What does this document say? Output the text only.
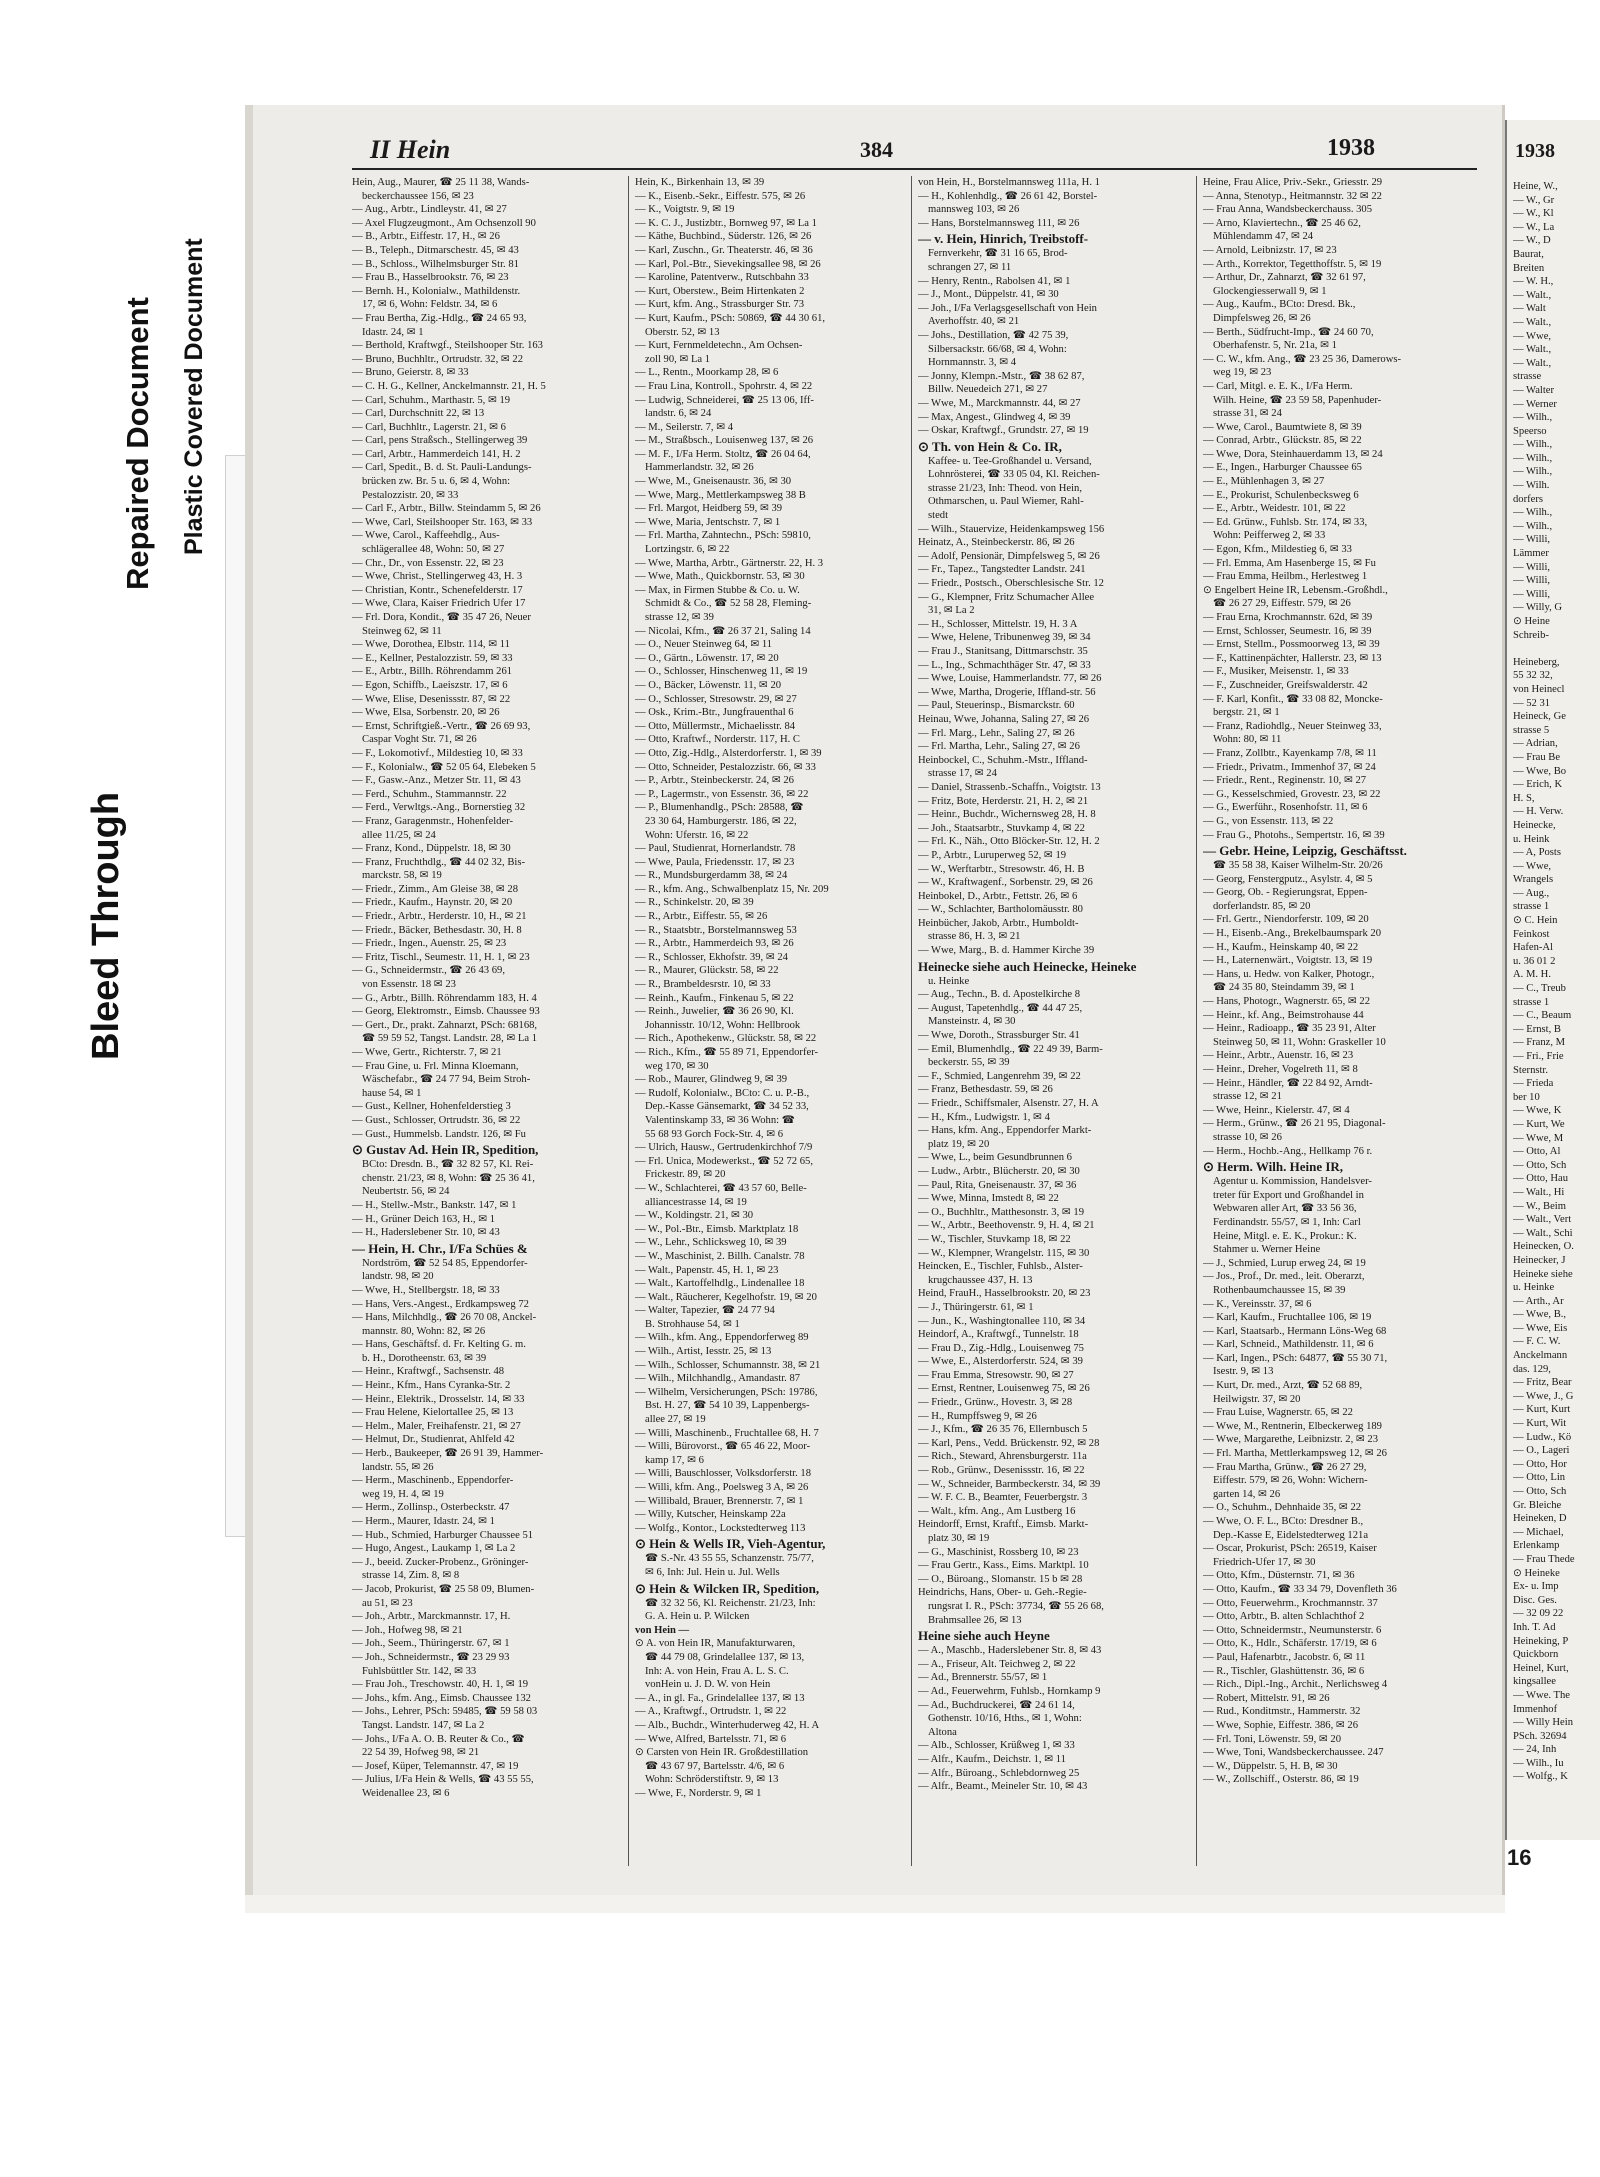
Bleed Through
Repaired Document Plastic Covered Document
II Hein	384	1938

Hein, Aug., Maurer, ☎ 25 11 38, Wands-

beckerchaussee 156, ✉ 23

— Aug., Arbtr., Lindleystr. 41, ✉ 27

— Axel Flugzeugmont., Am Ochsenzoll 90

— B., Arbtr., Eiffestr. 17, H., ✉ 26

— B., Teleph., Ditmarschestr. 45, ✉ 43

— B., Schloss., Wilhelmsburger Str. 81

— Frau B., Hasselbrookstr. 76, ✉ 23

— Bernh. H., Kolonialw., Mathildenstr.

17, ✉ 6, Wohn: Feldstr. 34, ✉ 6

— Frau Bertha, Zig.-Hdlg., ☎ 24 65 93,

Idastr. 24, ✉ 1

— Berthold, Kraftwgf., Steilshooper Str. 163

— Bruno, Buchhltr., Ortrudstr. 32, ✉ 22

— Bruno, Geierstr. 8, ✉ 33

— C. H. G., Kellner, Anckelmannstr. 21, H. 5

— Carl, Schuhm., Marthastr. 5, ✉ 19

— Carl, Durchschnitt 22, ✉ 13

— Carl, Buchhltr., Lagerstr. 21, ✉ 6

— Carl, pens Straßsch., Stellingerweg 39

— Carl, Arbtr., Hammerdeich 141, H. 2

— Carl, Spedit., B. d. St. Pauli-Landungs-

brücken zw. Br. 5 u. 6, ✉ 4, Wohn:

Pestalozzistr. 20, ✉ 33

— Carl F., Arbtr., Billw. Steindamm 5, ✉ 26

— Wwe, Carl, Steilshooper Str. 163, ✉ 33

— Wwe, Carol., Kaffeehdlg., Aus-

schlägerallee 48, Wohn: 50, ✉ 27

— Chr., Dr., von Essenstr. 22, ✉ 23

— Wwe, Christ., Stellingerweg 43, H. 3

— Christian, Kontr., Schenefelderstr. 17

— Wwe, Clara, Kaiser Friedrich Ufer 17

— Frl. Dora, Kondit., ☎ 35 47 26, Neuer

Steinweg 62, ✉ 11

— Wwe, Dorothea, Elbstr. 114, ✉ 11

— E., Kellner, Pestalozzistr. 59, ✉ 33

— E., Arbtr., Billh. Röhrendamm 261

— Egon, Schiffb., Laeiszstr. 17, ✉ 6

— Wwe, Elise, Desenissstr. 87, ✉ 22

— Wwe, Elsa, Sorbenstr. 20, ✉ 26

— Ernst, Schriftgieß.-Vertr., ☎ 26 69 93,

Caspar Voght Str. 71, ✉ 26

— F., Lokomotivf., Mildestieg 10, ✉ 33

— F., Kolonialw., ☎ 52 05 64, Elebeken 5

— F., Gasw.-Anz., Metzer Str. 11, ✉ 43

— Ferd., Schuhm., Stammannstr. 22

— Ferd., Verwltgs.-Ang., Bornerstieg 32

— Franz, Garagenmstr., Hohenfelder-

allee 11/25, ✉ 24

— Franz, Kond., Düppelstr. 18, ✉ 30

— Franz, Fruchthdlg., ☎ 44 02 32, Bis-

marckstr. 58, ✉ 19

— Friedr., Zimm., Am Gleise 38, ✉ 28

— Friedr., Kaufm., Haynstr. 20, ✉ 20

— Friedr., Arbtr., Herderstr. 10, H., ✉ 21

— Friedr., Bäcker, Bethesdastr. 30, H. 8

— Friedr., Ingen., Auenstr. 25, ✉ 23

— Fritz, Tischl., Seumestr. 11, H. 1, ✉ 23

— G., Schneidermstr., ☎ 26 43 69,

von Essenstr. 18 ✉ 23

— G., Arbtr., Billh. Röhrendamm 183, H. 4

— Georg, Elektromstr., Eimsb. Chaussee 93

— Gert., Dr., prakt. Zahnarzt, PSch: 68168,

☎ 59 59 52, Tangst. Landstr. 28, ✉ La 1

— Wwe, Gertr., Richterstr. 7, ✉ 21

— Frau Gine, u. Frl. Minna Kloemann,

Wäschefabr., ☎ 24 77 94, Beim Stroh-

hause 54, ✉ 1

— Gust., Kellner, Hohenfelderstieg 3

— Gust., Schlosser, Ortrudstr. 36, ✉ 22

— Gust., Hummelsb. Landstr. 126, ✉ Fu

⊙ Gustav Ad. Hein IR, Spedition,

BCto: Dresdn. B., ☎ 32 82 57, Kl. Rei-

chenstr. 21/23, ✉ 8, Wohn: ☎ 25 36 41,

Neubertstr. 56, ✉ 24

— H., Stellw.-Mstr., Bankstr. 147, ✉ 1

— H., Grüner Deich 163, H., ✉ 1

— H., Haderslebener Str. 10, ✉ 43

— Hein, H. Chr., I/Fa Schües &

Nordström, ☎ 52 54 85, Eppendorfer-

landstr. 98, ✉ 20

— Wwe, H., Stellbergstr. 18, ✉ 33

— Hans, Vers.-Angest., Erdkampsweg 72

— Hans, Milchhdlg., ☎ 26 70 08, Anckel-

mannstr. 80, Wohn: 82, ✉ 26

— Hans, Geschäftsf. d. Fr. Kelting G. m.

b. H., Dorotheenstr. 63, ✉ 39

— Heinr., Kraftwgf., Sachsenstr. 48

— Heinr., Kfm., Hans Cyranka-Str. 2

— Heinr., Elektrik., Drosselstr. 14, ✉ 33

— Frau Helene, Kielortallee 25, ✉ 13

— Helm., Maler, Freihafenstr. 21, ✉ 27

— Helmut, Dr., Studienrat, Ahlfeld 42

— Herb., Baukeeper, ☎ 26 91 39, Hammer-

landstr. 55, ✉ 26

— Herm., Maschinenb., Eppendorfer-

weg 19, H. 4, ✉ 19

— Herm., Zollinsp., Osterbeckstr. 47

— Herm., Maurer, Idastr. 24, ✉ 1

— Hub., Schmied, Harburger Chaussee 51

— Hugo, Angest., Laukamp 1, ✉ La 2

— J., beeid. Zucker-Probenz., Gröninger-

strasse 14, Zim. 8, ✉ 8

— Jacob, Prokurist, ☎ 25 58 09, Blumen-

au 51, ✉ 23

— Joh., Arbtr., Marckmannstr. 17, H.

— Joh., Hofweg 98, ✉ 21

— Joh., Seem., Thüringerstr. 67, ✉ 1

— Joh., Schneidermstr., ☎ 23 29 93

Fuhlsbüttler Str. 142, ✉ 33

— Frau Joh., Treschowstr. 40, H. 1, ✉ 19

— Johs., kfm. Ang., Eimsb. Chaussee 132

— Johs., Lehrer, PSch: 59485, ☎ 59 58 03

Tangst. Landstr. 147, ✉ La 2

— Johs., I/Fa A. O. B. Reuter & Co., ☎

22 54 39, Hofweg 98, ✉ 21

— Josef, Küper, Telemannstr. 47, ✉ 19

— Julius, I/Fa Hein & Wells, ☎ 43 55 55,

Weidenallee 23, ✉ 6

Hein, K., Birkenhain 13, ✉ 39

— K., Eisenb.-Sekr., Eiffestr. 575, ✉ 26

— K., Voigtstr. 9, ✉ 19

— K. C. J., Justizbtr., Bornweg 97, ✉ La 1

— Käthe, Buchbind., Süderstr. 126, ✉ 26

— Karl, Zuschn., Gr. Theaterstr. 46, ✉ 36

— Karl, Pol.-Btr., Sievekingsallee 98, ✉ 26

— Karoline, Patentverw., Rutschbahn 33

— Kurt, Oberstew., Beim Hirtenkaten 2

— Kurt, kfm. Ang., Strassburger Str. 73

— Kurt, Kaufm., PSch: 50869, ☎ 44 30 61,

Oberstr. 52, ✉ 13

— Kurt, Fernmeldetechn., Am Ochsen-

zoll 90, ✉ La 1

— L., Rentn., Moorkamp 28, ✉ 6

— Frau Lina, Kontroll., Spohrstr. 4, ✉ 22

— Ludwig, Schneiderei, ☎ 25 13 06, Iff-

landstr. 6, ✉ 24

— M., Seilerstr. 7, ✉ 4

— M., Straßbsch., Louisenweg 137, ✉ 26

— M. F., I/Fa Herm. Stoltz, ☎ 26 04 64,

Hammerlandstr. 32, ✉ 26

— Wwe, M., Gneisenaustr. 36, ✉ 30

— Wwe, Marg., Mettlerkampsweg 38 B

— Frl. Margot, Heidberg 59, ✉ 39

— Wwe, Maria, Jentschstr. 7, ✉ 1

— Frl. Martha, Zahntechn., PSch: 59810,

Lortzingstr. 6, ✉ 22

— Wwe, Martha, Arbtr., Gärtnerstr. 22, H. 3

— Wwe, Math., Quickbornstr. 53, ✉ 30

— Max, in Firmen Stubbe & Co. u. W.

Schmidt & Co., ☎ 52 58 28, Fleming-

strasse 12, ✉ 39

— Nicolai, Kfm., ☎ 26 37 21, Saling 14

— O., Neuer Steinweg 64, ✉ 11

— O., Gärtn., Löwenstr. 17, ✉ 20

— O., Schlosser, Hinschenweg 11, ✉ 19

— O., Bäcker, Löwenstr. 11, ✉ 20

— O., Schlosser, Stresowstr. 29, ✉ 27

— Osk., Krim.-Btr., Jungfrauenthal 6

— Otto, Müllermstr., Michaelisstr. 84

— Otto, Kraftwf., Norderstr. 117, H. C

— Otto, Zig.-Hdlg., Alsterdorferstr. 1, ✉ 39

— Otto, Schneider, Pestalozzistr. 66, ✉ 33

— P., Arbtr., Steinbeckerstr. 24, ✉ 26

— P., Lagermstr., von Essenstr. 36, ✉ 22

— P., Blumenhandlg., PSch: 28588, ☎

23 30 64, Hamburgerstr. 186, ✉ 22,

Wohn: Uferstr. 16, ✉ 22

— Paul, Studienrat, Hornerlandstr. 78

— Wwe, Paula, Friedensstr. 17, ✉ 23

— R., Mundsburgerdamm 38, ✉ 24

— R., kfm. Ang., Schwalbenplatz 15, Nr. 209

— R., Schinkelstr. 20, ✉ 39

— R., Arbtr., Eiffestr. 55, ✉ 26

— R., Staatsbtr., Borstelmannsweg 53

— R., Arbtr., Hammerdeich 93, ✉ 26

— R., Schlosser, Ekhofstr. 39, ✉ 24

— R., Maurer, Glückstr. 58, ✉ 22

— R., Brambeldesrstr. 10, ✉ 33

— Reinh., Kaufm., Finkenau 5, ✉ 22

— Reinh., Juwelier, ☎ 36 26 90, Kl.

Johannisstr. 10/12, Wohn: Hellbrook

— Rich., Apothekenw., Glückstr. 58, ✉ 22

— Rich., Kfm., ☎ 55 89 71, Eppendorfer-

weg 170, ✉ 30

— Rob., Maurer, Glindweg 9, ✉ 39

— Rudolf, Kolonialw., BCto: C. u. P.-B.,

Dep.-Kasse Gänsemarkt, ☎ 34 52 33,

Valentinskamp 33, ✉ 36 Wohn: ☎

55 68 93 Gorch Fock-Str. 4, ✉ 6

— Ulrich, Hausw., Gertrudenkirchhof 7/9

— Frl. Unica, Modewerkst., ☎ 52 72 65,

Frickestr. 89, ✉ 20

— W., Schlachterei, ☎ 43 57 60, Belle-

alliancestrasse 14, ✉ 19

— W., Koldingstr. 21, ✉ 30

— W., Pol.-Btr., Eimsb. Marktplatz 18

— W., Lehr., Schlicksweg 10, ✉ 39

— W., Maschinist, 2. Billh. Canalstr. 78

— Walt., Papenstr. 45, H. 1, ✉ 23

— Walt., Kartoffelhdlg., Lindenallee 18

— Walt., Räucherer, Kegelhofstr. 19, ✉ 20

— Walter, Tapezier, ☎ 24 77 94

B. Strohhause 54, ✉ 1

— Wilh., kfm. Ang., Eppendorferweg 89

— Wilh., Artist, Iesstr. 25, ✉ 13

— Wilh., Schlosser, Schumannstr. 38, ✉ 21

— Wilh., Milchhandlg., Amandastr. 87

— Wilhelm, Versicherungen, PSch: 19786,

Bst. H. 27, ☎ 54 10 39, Lappenbergs-

allee 27, ✉ 19

— Willi, Maschinenb., Fruchtallee 68, H. 7

— Willi, Bürovorst., ☎ 65 46 22, Moor-

kamp 17, ✉ 6

— Willi, Bauschlosser, Volksdorferstr. 18

— Willi, kfm. Ang., Poelsweg 3 A, ✉ 26

— Willibald, Brauer, Brennerstr. 7, ✉ 1

— Willy, Kutscher, Heinskamp 22a

— Wolfg., Kontor., Lockstedterweg 113

⊙ Hein & Wells IR, Vieh-Agentur,

☎ S.-Nr. 43 55 55, Schanzenstr. 75/77,

✉ 6, Inh: Jul. Hein u. Jul. Wells

⊙ Hein & Wilcken IR, Spedition,

☎ 32 32 56, Kl. Reichenstr. 21/23, Inh:

G. A. Hein u. P. Wilcken

von Hein —

⊙ A. von Hein IR, Manufakturwaren,

☎ 44 79 08, Grindelallee 137, ✉ 13,

Inh: A. von Hein, Frau A. L. S. C.

vonHein u. J. D. W. von Hein

— A., in gl. Fa., Grindelallee 137, ✉ 13

— A., Kraftwgf., Ortrudstr. 1, ✉ 22

— Alb., Buchdr., Winterhuderweg 42, H. A

— Wwe, Alfred, Bartelsstr. 71, ✉ 6

⊙ Carsten von Hein IR. Großdestillation

☎ 43 67 97, Bartelsstr. 4/6, ✉ 6

Wohn: Schröderstiftstr. 9, ✉ 13

— Wwe, F., Norderstr. 9, ✉ 1

von Hein, H., Borstelmannsweg 111a, H. 1

— H., Kohlenhdlg., ☎ 26 61 42, Borstel-

mannsweg 103, ✉ 26

— Hans, Borstelmannsweg 111, ✉ 26

— v. Hein, Hinrich, Treibstoff-

Fernverkehr, ☎ 31 16 65, Brod-

schrangen 27, ✉ 11

— Henry, Rentn., Rabolsen 41, ✉ 1

— J., Mont., Düppelstr. 41, ✉ 30

— Joh., I/Fa Verlagsgesellschaft von Hein

Averhoffstr. 40, ✉ 21

— Johs., Destillation, ☎ 42 75 39,

Silbersackstr. 66/68, ✉ 4, Wohn:

Hornmannstr. 3, ✉ 4

— Jonny, Klempn.-Mstr., ☎ 38 62 87,

Billw. Neuedeich 271, ✉ 27

— Wwe, M., Marckmannstr. 44, ✉ 27

— Max, Angest., Glindweg 4, ✉ 39

— Oskar, Kraftwgf., Grundstr. 27, ✉ 19

⊙ Th. von Hein & Co. IR,

Kaffee- u. Tee-Großhandel u. Versand,

Lohnrösterei, ☎ 33 05 04, Kl. Reichen-

strasse 21/23, Inh: Theod. von Hein,

Othmarschen, u. Paul Wiemer, Rahl-

stedt

— Wilh., Stauervize, Heidenkampsweg 156

Heinatz, A., Steinbeckerstr. 86, ✉ 26

— Adolf, Pensionär, Dimpfelsweg 5, ✉ 26

— Fr., Tapez., Tangstedter Landstr. 241

— Friedr., Postsch., Oberschlesische Str. 12

— G., Klempner, Fritz Schumacher Allee

31, ✉ La 2

— H., Schlosser, Mittelstr. 19, H. 3 A

— Wwe, Helene, Tribunenweg 39, ✉ 34

— Frau J., Stanitsang, Dittmarschstr. 35

— L., Ing., Schmachthäger Str. 47, ✉ 33

— Wwe, Louise, Hammerlandstr. 77, ✉ 26

— Wwe, Martha, Drogerie, Iffland-str. 56

— Paul, Steuerinsp., Bismarckstr. 60

Heinau, Wwe, Johanna, Saling 27, ✉ 26

— Frl. Marg., Lehr., Saling 27, ✉ 26

— Frl. Martha, Lehr., Saling 27, ✉ 26

Heinbockel, C., Schuhm.-Mstr., Iffland-

strasse 17, ✉ 24

— Daniel, Strassenb.-Schaffn., Voigtstr. 13

— Fritz, Bote, Herderstr. 21, H. 2, ✉ 21

— Heinr., Buchdr., Wichernsweg 28, H. 8

— Joh., Staatsarbtr., Stuvkamp 4, ✉ 22

— Frl. K., Näh., Otto Blöcker-Str. 12, H. 2

— P., Arbtr., Luruperweg 52, ✉ 19

— W., Werftarbtr., Stresowstr. 46, H. B

— W., Kraftwagenf., Sorbenstr. 29, ✉ 26

Heinbokel, D., Arbtr., Fettstr. 26, ✉ 6

— W., Schlachter, Bartholomäusstr. 80

Heinbücher, Jakob, Arbtr., Humboldt-

strasse 86, H. 3, ✉ 21

— Wwe, Marg., B. d. Hammer Kirche 39

Heinecke siehe auch Heinecke, Heineke

u. Heinke

— Aug., Techn., B. d. Apostelkirche 8

— August, Tapetenhdlg., ☎ 44 47 25,

Mansteinstr. 4, ✉ 30

— Wwe, Doroth., Strassburger Str. 41

— Emil, Blumenhdlg., ☎ 22 49 39, Barm-

beckerstr. 55, ✉ 39

— F., Schmied, Langenrehm 39, ✉ 22

— Franz, Bethesdastr. 59, ✉ 26

— Friedr., Schiffsmaler, Alsenstr. 27, H. A

— H., Kfm., Ludwigstr. 1, ✉ 4

— Hans, kfm. Ang., Eppendorfer Markt-

platz 19, ✉ 20

— Wwe, L., beim Gesundbrunnen 6

— Ludw., Arbtr., Blücherstr. 20, ✉ 30

— Paul, Rita, Gneisenaustr. 37, ✉ 36

— Wwe, Minna, Imstedt 8, ✉ 22

— O., Buchhltr., Matthesonstr. 3, ✉ 19

— W., Arbtr., Beethovenstr. 9, H. 4, ✉ 21

— W., Tischler, Stuvkamp 18, ✉ 22

— W., Klempner, Wrangelstr. 115, ✉ 30

Heincken, E., Tischler, Fuhlsb., Alster-

krugchaussee 437, H. 13

Heind, FrauH., Hasselbrookstr. 20, ✉ 23

— J., Thüringerstr. 61, ✉ 1

— Jun., K., Washingtonallee 110, ✉ 34

Heindorf, A., Kraftwgf., Tunnelstr. 18

— Frau D., Zig.-Hdlg., Louisenweg 75

— Wwe, E., Alsterdorferstr. 524, ✉ 39

— Frau Emma, Stresowstr. 90, ✉ 27

— Ernst, Rentner, Louisenweg 75, ✉ 26

— Friedr., Grünw., Hovestr. 3, ✉ 28

— H., Rumpffsweg 9, ✉ 26

— J., Kfm., ☎ 26 35 76, Ellernbusch 5

— Karl, Pens., Vedd. Brückenstr. 92, ✉ 28

— Rich., Steward, Ahrensburgerstr. 11a

— Rob., Grünw., Desenissstr. 16, ✉ 22

— W., Schneider, Barmbeckerstr. 34, ✉ 39

— W. F. C. B., Beamter, Feuerbergstr. 3

— Walt., kfm. Ang., Am Lustberg 16

Heindorff, Ernst, Kraftf., Eimsb. Markt-

platz 30, ✉ 19

— G., Maschinist, Rossberg 10, ✉ 23

— Frau Gertr., Kass., Eims. Marktpl. 10

— O., Büroang., Slomanstr. 15 b ✉ 28

Heindrichs, Hans, Ober- u. Geh.-Regie-

rungsrat I. R., PSch: 37734, ☎ 55 26 68,

Brahmsallee 26, ✉ 13

Heine siehe auch Heyne

— A., Maschb., Haderslebener Str. 8, ✉ 43

— A., Friseur, Alt. Teichweg 2, ✉ 22

— Ad., Brennerstr. 55/57, ✉ 1

— Ad., Feuerwehrm, Fuhlsb., Hornkamp 9

— Ad., Buchdruckerei, ☎ 24 61 14,

Gothenstr. 10/16, Hths., ✉ 1, Wohn:

Altona

— Alb., Schlosser, Krüßweg 1, ✉ 33

— Alfr., Kaufm., Deichstr. 1, ✉ 11

— Alfr., Büroang., Schlebdornweg 25

— Alfr., Beamt., Meineler Str. 10, ✉ 43

Heine, Frau Alice, Priv.-Sekr., Griesstr. 29

— Anna, Stenotyp., Heitmannstr. 32 ✉ 22

— Frau Anna, Wandsbeckerchauss. 305

— Arno, Klaviertechn., ☎ 25 46 62,

Mühlendamm 47, ✉ 24

— Arnold, Leibnizstr. 17, ✉ 23

— Arth., Korrektor, Tegetthoffstr. 5, ✉ 19

— Arthur, Dr., Zahnarzt, ☎ 32 61 97,

Glockengiesserwall 9, ✉ 1

— Aug., Kaufm., BCto: Dresd. Bk.,

Dimpfelsweg 26, ✉ 26

— Berth., Südfrucht-Imp., ☎ 24 60 70,

Oberhafenstr. 5, Nr. 21a, ✉ 1

— C. W., kfm. Ang., ☎ 23 25 36, Damerows-

weg 19, ✉ 23

— Carl, Mitgl. e. E. K., I/Fa Herm.

Wilh. Heine, ☎ 23 59 58, Papenhuder-

strasse 31, ✉ 24

— Wwe, Carol., Baumtwiete 8, ✉ 39

— Conrad, Arbtr., Glückstr. 85, ✉ 22

— Wwe, Dora, Steinhauerdamm 13, ✉ 24

— E., Ingen., Harburger Chaussee 65

— E., Mühlenhagen 3, ✉ 27

— E., Prokurist, Schulenbecksweg 6

— E., Arbtr., Weidestr. 101, ✉ 22

— Ed. Grünw., Fuhlsb. Str. 174, ✉ 33,

Wohn: Peifferweg 2, ✉ 33

— Egon, Kfm., Mildestieg 6, ✉ 33

— Frl. Emma, Am Hasenberge 15, ✉ Fu

— Frau Emma, Heilbm., Herlestweg 1

⊙ Engelbert Heine IR, Lebensm.-Großhdl.,

☎ 26 27 29, Eiffestr. 579, ✉ 26

— Frau Erna, Krochmannstr. 62d, ✉ 39

— Ernst, Schlosser, Seumestr. 16, ✉ 39

— Ernst, Stellm., Possmoorweg 13, ✉ 39

— F., Kattinenpächter, Hallerstr. 23, ✉ 13

— F., Musiker, Meisenstr. 1, ✉ 33

— F., Zuschneider, Greifswalderstr. 42

— F. Karl, Konfit., ☎ 33 08 82, Moncke-

bergstr. 21, ✉ 1

— Franz, Radiohdlg., Neuer Steinweg 33,

Wohn: 80, ✉ 11

— Franz, Zollbtr., Kayenkamp 7/8, ✉ 11

— Friedr., Privatm., Immenhof 37, ✉ 24

— Friedr., Rent., Reginenstr. 10, ✉ 27

— G., Kesselschmied, Grovestr. 23, ✉ 22

— G., Ewerführ., Rosenhofstr. 11, ✉ 6

— G., von Essenstr. 113, ✉ 22

— Frau G., Photohs., Sempertstr. 16, ✉ 39

— Gebr. Heine, Leipzig, Geschäftsst.

☎ 35 58 38, Kaiser Wilhelm-Str. 20/26

— Georg, Fenstergputz., Asylstr. 4, ✉ 5

— Georg, Ob. - Regierungsrat, Eppen-

dorferlandstr. 85, ✉ 20

— Frl. Gertr., Niendorferstr. 109, ✉ 20

— H., Eisenb.-Ang., Brekelbaumspark 20

— H., Kaufm., Heinskamp 40, ✉ 22

— H., Laternenwärt., Voigtstr. 13, ✉ 19

— Hans, u. Hedw. von Kalker, Photogr.,

☎ 24 35 80, Steindamm 39, ✉ 1

— Hans, Photogr., Wagnerstr. 65, ✉ 22

— Heinr., kf. Ang., Beimstrohause 44

— Heinr., Radioapp., ☎ 35 23 91, Alter

Steinweg 50, ✉ 11, Wohn: Graskeller 10

— Heinr., Arbtr., Auenstr. 16, ✉ 23

— Heinr., Dreher, Vogelreth 11, ✉ 8

— Heinr., Händler, ☎ 22 84 92, Arndt-

strasse 12, ✉ 21

— Wwe, Heinr., Kielerstr. 47, ✉ 4

— Herm., Grünw., ☎ 26 21 95, Diagonal-

strasse 10, ✉ 26

— Herm., Hochb.-Ang., Hellkamp 76 r.

⊙ Herm. Wilh. Heine IR,

Agentur u. Kommission, Handelsver-

treter für Export und Großhandel in

Webwaren aller Art, ☎ 33 56 36,

Ferdinandstr. 55/57, ✉ 1, Inh: Carl

Heine, Mitgl. e. E. K., Prokur.: K.

Stahmer u. Werner Heine

— J., Schmied, Lurup erweg 24, ✉ 19

— Jos., Prof., Dr. med., leit. Oberarzt,

Rothenbaumchaussee 15, ✉ 39

— K., Vereinsstr. 37, ✉ 6

— Karl, Kaufm., Fruchtallee 106, ✉ 19

— Karl, Staatsarb., Hermann Löns-Weg 68

— Karl, Schneid., Mathildenstr. 11, ✉ 6

— Karl, Ingen., PSch: 64877, ☎ 55 30 71,

Isestr. 9, ✉ 13

— Kurt, Dr. med., Arzt, ☎ 52 68 89,

Heilwigstr. 37, ✉ 20

— Frau Luise, Wagnerstr. 65, ✉ 22

— Wwe, M., Rentnerin, Elbeckerweg 189

— Wwe, Margarethe, Leibnizstr. 2, ✉ 23

— Frl. Martha, Mettlerkampsweg 12, ✉ 26

— Frau Martha, Grünw., ☎ 26 27 29,

Eiffestr. 579, ✉ 26, Wohn: Wichern-

garten 14, ✉ 26

— O., Schuhm., Dehnhaide 35, ✉ 22

— Wwe, O. F. L., BCto: Dresdner B.,

Dep.-Kasse E, Eidelstedterweg 121a

— Oscar, Prokurist, PSch: 26519, Kaiser

Friedrich-Ufer 17, ✉ 30

— Otto, Kfm., Düsternstr. 71, ✉ 36

— Otto, Kaufm., ☎ 33 34 79, Dovenfleth 36

— Otto, Feuerwehrm., Krochmannstr. 37

— Otto, Arbtr., B. alten Schlachthof 2

— Otto, Schneidermstr., Neumunsterstr. 6

— Otto, K., Hdlr., Schäferstr. 17/19, ✉ 6

— Paul, Hafenarbtr., Jacobstr. 6, ✉ 11

— R., Tischler, Glashüttenstr. 36, ✉ 6

— Rich., Dipl.-Ing., Archit., Nerlichsweg 4

— Robert, Mittelstr. 91, ✉ 26

— Rud., Konditmstr., Hammerstr. 32

— Wwe, Sophie, Eiffestr. 386, ✉ 26

— Frl. Toni, Löwenstr. 59, ✉ 20

— Wwe, Toni, Wandsbeckerchaussee. 247

— W., Düppelstr. 5, H. B, ✉ 30

— W., Zollschiff., Osterstr. 86, ✉ 19

1938

Heine, W.,

— W., Gr

— W., Kl

— W., La

— W., D

Baurat,

Breiten

— W. H.,

— Walt.,

— Walt

— Walt.,

— Wwe,

— Walt.,

— Walt.,

strasse

— Walter

— Werner

— Wilh.,

Speerso

— Wilh.,

— Wilh.,

— Wilh.,

— Wilh.

dorfers

— Wilh.,

— Wilh.,

— Willi,

Lämmer

— Willi,

— Willi,

— Willi,

— Willy, G

⊙ Heine

Schreib-

Heineberg,

55 32 32,

von Heinecl

— 52 31

Heineck, Ge

strasse 5

— Adrian,

— Frau Be

— Wwe, Bo

— Erich, K

H. S,

— H. Verw.

Heinecke,

u. Heink

— A, Posts

— Wwe,

Wrangels

— Aug.,

strasse 1

⊙ C. Hein

Feinkost

Hafen-Al

u. 36 01 2

A. M. H.

— C., Treub

strasse 1

— C., Beaum

— Ernst, B

— Franz, M

— Fri., Frie

Sternstr.

— Frieda

ber 10

— Wwe, K

— Kurt, We

— Wwe, M

— Otto, Al

— Otto, Sch

— Otto, Hau

— Walt., Hi

— W., Beim

— Walt., Vert

— Walt., Schi

Heinecken, O.

Heinecker, J

Heineke siehe

u. Heinke

— Arth., Ar

— Wwe, B.,

— Wwe, Eis

— F. C. W.

Anckelmann

das. 129,

— Fritz, Bear

— Wwe, J., G

— Kurt, Kurt

— Kurt, Wit

— Ludw., Kö

— O., Lageri

— Otto, Hor

— Otto, Lin

— Otto, Sch

Gr. Bleiche

Heineken, D

— Michael,

Erlenkamp

— Frau Thede

⊙ Heineke

Ex- u. Imp

Disc. Ges.

— 32 09 22

Inh. T. Ad

Heineking, P

Quickborn

Heinel, Kurt,

kingsallee

— Wwe. The

Immenhof

— Willy Hein

PSch. 32694

— 24, Inh

— Wilh., Iu

— Wolfg., K

16
